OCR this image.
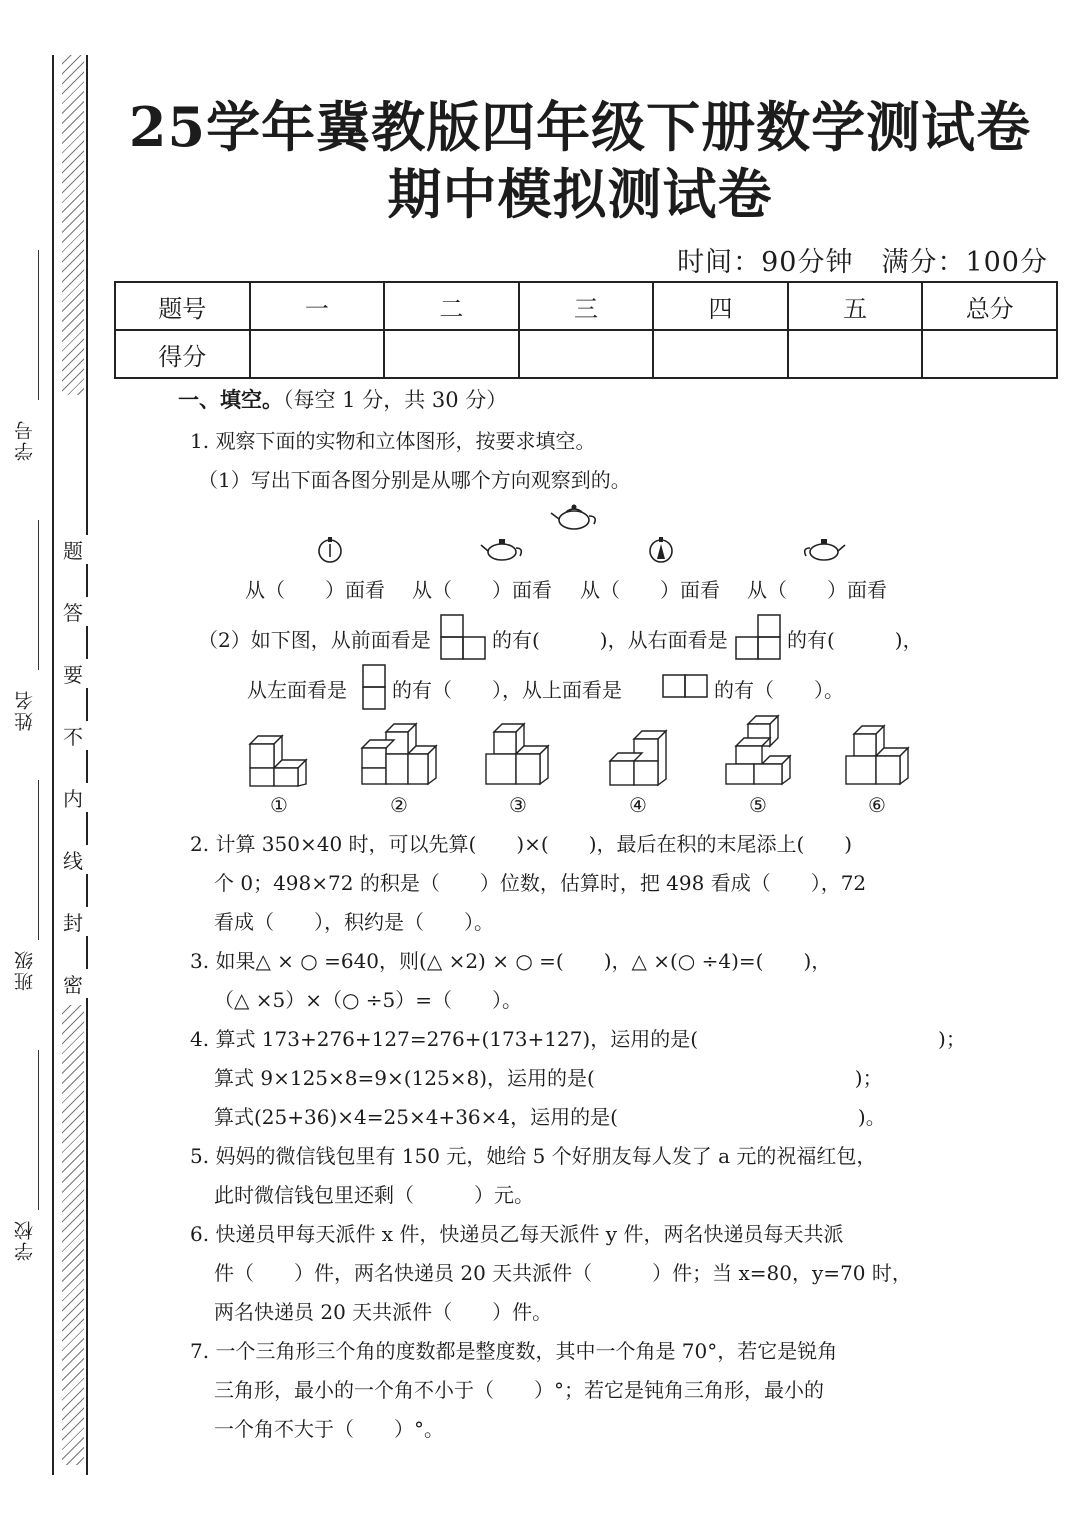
学号
姓名
班级
学校
题
答
要
不
内
线
封
密
25学年冀教版四年级下册数学测试卷
期中模拟测试卷
时间：90分钟　满分：100分
题号	一	二	三	四	五	总分
得分						
一、填空。（每空 1 分，共 30 分）
1. 观察下面的实物和立体图形，按要求填空。
（1）写出下面各图分别是从哪个方向观察到的。
从（　　）面看 从（　　）面看 从（　　）面看 从（　　）面看
（2）如下图，从前面看是	的有(　　　)，从右面看是	的有(　　　)，
从左面看是 的有（　　），从上面看是	的有（　　）。
①	②	③	④	⑤	⑥
2. 计算 350×40 时，可以先算(　　)×(　　)，最后在积的末尾添上(　　)
个 0；498×72 的积是（　　）位数，估算时，把 498 看成（　　），72
看成（　　），积约是（　　）。
3. 如果△ × ○ =640，则(△ ×2) × ○ =(　　)，△ ×(○ ÷4)=(　　)，
（△ ×5）×（○ ÷5）=（　　）。
4. 算式 173+276+127=276+(173+127)，运用的是(　　　　　　　　　　　　)；
算式 9×125×8=9×(125×8)，运用的是(　　　　　　　　　　　　　)；
算式(25+36)×4=25×4+36×4，运用的是(　　　　　　　　　　　　)。
5. 妈妈的微信钱包里有 150 元，她给 5 个好朋友每人发了 a 元的祝福红包，
此时微信钱包里还剩（　　　）元。
6. 快递员甲每天派件 x 件，快递员乙每天派件 y 件，两名快递员每天共派
件（　　）件，两名快递员 20 天共派件（　　　）件；当 x=80，y=70 时，
两名快递员 20 天共派件（　　）件。
7. 一个三角形三个角的度数都是整度数，其中一个角是 70°，若它是锐角
三角形，最小的一个角不小于（　　）°；若它是钝角三角形，最小的
一个角不大于（　　）°。
